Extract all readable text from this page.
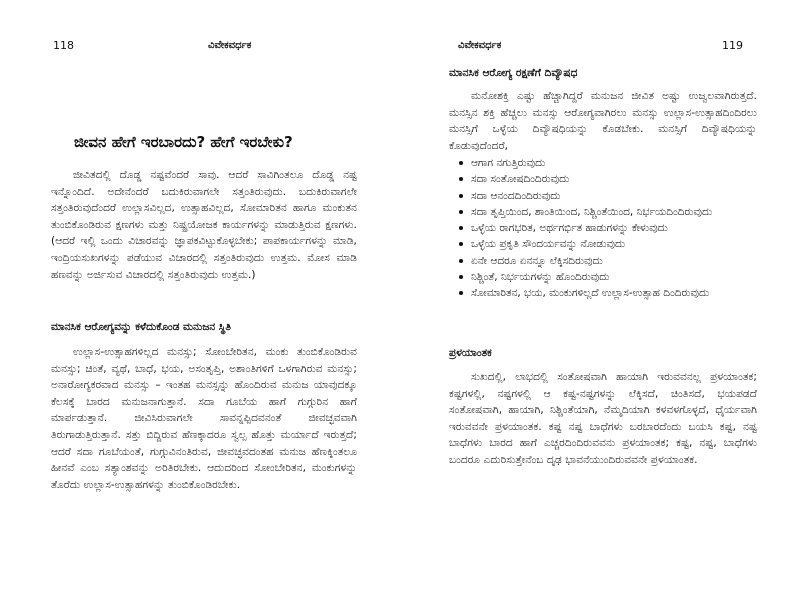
118	ವಿವೇಕವರ್ಧಕ
ಜೀವನ ಹೇಗೆ ಇರಬಾರದು? ಹೇಗೆ ಇರಬೇಕು?

ಜೀವಿತದಲ್ಲಿ ದೊಡ್ಡ ನಷ್ಟವೆಂದರೆ ಸಾವು. ಆದರೆ ಸಾವಿಗಿಂತಲೂ ದೊಡ್ಡ ನಷ್ಟ ಇನ್ನೊಂದಿದೆ. ಅದೇನೆಂದರೆ ಬದುಕಿರುವಾಗಲೇ ಸತ್ತಂತಿರುವುದು. ಬದುಕಿರುವಾಗಲೇ ಸತ್ತಂತಿರುವುದೆಂದರೆ ಉಲ್ಲಾಸವಿಲ್ಲದ, ಉತ್ಸಾಹವಿಲ್ಲದ, ಸೋಮಾರಿತನ ಹಾಗೂ ಮಂಕುತನ ತುಂಬಿಕೊಂಡಿರುವ ಕ್ಷಣಗಳು ಮತ್ತು ನಿಷ್ಪ್ರಯೋಜಕ ಕಾರ್ಯಗಳನ್ನು ಮಾಡುತ್ತಿರುವ ಕ್ಷಣಗಳು. (ಆದರೆ ಇಲ್ಲಿ ಒಂದು ವಿಚಾರವನ್ನು ಜ್ಞಾಪಕವಿಟ್ಟುಕೊಳ್ಳಬೇಕು; ಪಾಪಕಾರ್ಯಗಳನ್ನು ಮಾಡಿ, ಇಂದ್ರಿಯಸುಖಗಳನ್ನು ಪಡೆಯುವ ವಿಚಾರದಲ್ಲಿ ಸತ್ತಂತಿರುವುದು ಉತ್ತಮ. ಮೋಸ ಮಾಡಿ ಹಣವನ್ನು ಅರ್ಜಿಸುವ ವಿಚಾರದಲ್ಲಿ ಸತ್ತಂತಿರುವುದು ಉತ್ತಮ.)

ಮಾನಸಿಕ ಆರೋಗ್ಯವನ್ನು ಕಳೆದುಕೊಂಡ ಮನುಜನ ಸ್ಥಿತಿ

ಉಲ್ಲಾಸ-ಉತ್ಸಾಹಗಳಿಲ್ಲದ ಮನಸ್ಸು; ಸೋಂಬೇರಿತನ, ಮಂಕು ತುಂಬಿಕೊಂಡಿರುವ ಮನಸ್ಸು; ಚಿಂತೆ, ವ್ಯಥೆ, ಬಾಧೆ, ಭಯ, ಅಸಂತೃಪ್ತಿ, ಅಶಾಂತಿಗಳಿಗೆ ಒಳಗಾಗಿರುವ ಮನಸ್ಸು; ಅನಾರೋಗ್ಯಕರವಾದ ಮನಸ್ಸು – ಇಂತಹ ಮನಸ್ಸನ್ನು ಹೊಂದಿರುವ ಮನುಜ ಯಾವುದಕ್ಕೂ ಕೆಲಸಕ್ಕೆ ಬಾರದ ಮನುಜನಾಗುತ್ತಾನೆ. ಸದಾ ಗೂಬೆಯ ಹಾಗೆ ಗುಗ್ಗುರಿನ ಹಾಗೆ ಮಾರ್ಪಡುತ್ತಾನೆ. ಜೀವಿಸಿರುವಾಗಲೇ ಸಾವನ್ನಪ್ಪಿದವನಂತೆ ಜೀವಚ್ಛವವಾಗಿ ತಿರುಗಾಡುತ್ತಿರುತ್ತಾನೆ. ಸತ್ತು ಬಿದ್ದಿರುವ ಹೆಣಕ್ಕಾದರೂ ಸ್ವಲ್ಪ ಹೊತ್ತು ಮರ್ಯಾದೆ ಇರುತ್ತದೆ; ಆದರೆ ಸದಾ ಗೂಬೆಯಂತೆ, ಗುಗ್ಗುವಿನಂತಿರುವ, ಜೀವಚ್ಛವದಂತಹ ಮನುಜ ಹೆಣಕ್ಕಿಂತಲೂ ಹೀನವೆ ಎಂಬ ಸತ್ಯಾಂಶವನ್ನು ಅರಿತಿರಬೇಕು. ಆದುದರಿಂದ ಸೋಂಬೇರಿತನ, ಮಂಕುಗಳನ್ನು ತೊರೆದು ಉಲ್ಲಾಸ-ಉತ್ಸಾಹಗಳನ್ನು ತುಂಬಿಕೊಂಡಿರಬೇಕು.

ವಿವೇಕವರ್ಧಕ	119
ಮಾನಸಿಕ ಆರೋಗ್ಯ ರಕ್ಷಣೆಗೆ ದಿವ್ಯೌಷಧ

ಮನೋಶಕ್ತಿ ಎಷ್ಟು ಹೆಚ್ಚಾಗಿದ್ದರೆ ಮನುಜನ ಜೀವಿತ ಅಷ್ಟು ಉಜ್ವಲವಾಗಿರುತ್ತದೆ. ಮನಸ್ಸಿನ ಶಕ್ತಿ ಹೆಚ್ಚಲು ಮನಸ್ಸು ಆರೋಗ್ಯವಾಗಿರಲು ಮನಸ್ಸು ಉಲ್ಲಾಸ-ಉತ್ಸಾಹದಿಂದಿರಲು ಮನಸ್ಸಿಗೆ ಒಳ್ಳೆಯ ದಿವ್ಯೌಷಧಿಯನ್ನು ಕೊಡಬೇಕು. ಮನಸ್ಸಿಗೆ ದಿವ್ಯೌಷಧಿಯನ್ನು ಕೊಡುವುದೆಂದರೆ,

ಆಗಾಗ ನಗುತ್ತಿರುವುದು
ಸದಾ ಸಂತೋಷದಿಂದಿರುವುದು
ಸದಾ ಆನಂದದಿಂದಿರುವುದು
ಸದಾ ತೃಪ್ತಿಯಿಂದ, ಶಾಂತಿಯಿಂದ, ನಿಶ್ಚಿಂತೆಯಿಂದ, ನಿರ್ಭಯದಿಂದಿರುವುದು
ಒಳ್ಳೆಯ ರಾಗಭರಿತ, ಅರ್ಥಗರ್ಭಿತ ಹಾಡುಗಳನ್ನು ಕೇಳುವುದು
ಒಳ್ಳೆಯ ಪ್ರಕೃತಿ ಸೌಂದರ್ಯವನ್ನು ನೋಡುವುದು
ಏನೇ ಆದರೂ ಏನನ್ನೂ ಲೆಕ್ಕಿಸದಿರುವುದು
ನಿಶ್ಚಿಂತೆ, ನಿರ್ಭಯಗಳನ್ನು ಹೊಂದಿರುವುದು
ಸೋಮಾರಿತನ, ಭಯ, ಮಂಕುಗಳಿಲ್ಲದೆ ಉಲ್ಲಾಸ-ಉತ್ಸಾಹ ದಿಂದಿರುವುದು
ಪ್ರಳಯಾಂತಕ

ಸುಖದಲ್ಲಿ, ಲಾಭದಲ್ಲಿ ಸಂತೋಷವಾಗಿ ಹಾಯಾಗಿ ಇರುವವನಲ್ಲ ಪ್ರಳಯಾಂತಕ; ಕಷ್ಟಗಳಲ್ಲಿ, ನಷ್ಟಗಳಲ್ಲಿ ಆ ಕಷ್ಟ-ನಷ್ಟಗಳನ್ನು ಲೆಕ್ಕಿಸದೆ, ಚಿಂತಿಸದೆ, ಭಯಪಡದೆ ಸಂತೋಷವಾಗಿ, ಹಾಯಾಗಿ, ನಿಶ್ಚಿಂತೆಯಾಗಿ, ನೆಮ್ಮದಿಯಾಗಿ ಕಳವಳಗೊಳ್ಳದೆ, ಧೈರ್ಯವಾಗಿ ಇರುವವನೇ ಪ್ರಳಯಾಂತಕ. ಕಷ್ಟ ನಷ್ಟ ಬಾಧೆಗಳು ಬರಬಾರದೆಂದು ಬಯಸಿ ಕಷ್ಟ, ನಷ್ಟ ಬಾಧೆಗಳು ಬಾರದ ಹಾಗೆ ಎಚ್ಚರದಿಂದಿರುವವನು ಪ್ರಳಯಾಂತಕ; ಕಷ್ಟ, ನಷ್ಟ, ಬಾಧೆಗಳು ಬಂದರೂ ಎದುರಿಸುತ್ತೇನೆಂಬ ದೃಢ ಭಾವನೆಯುಂದಿರುವವನೇ ಪ್ರಳಯಾಂತಕ.
